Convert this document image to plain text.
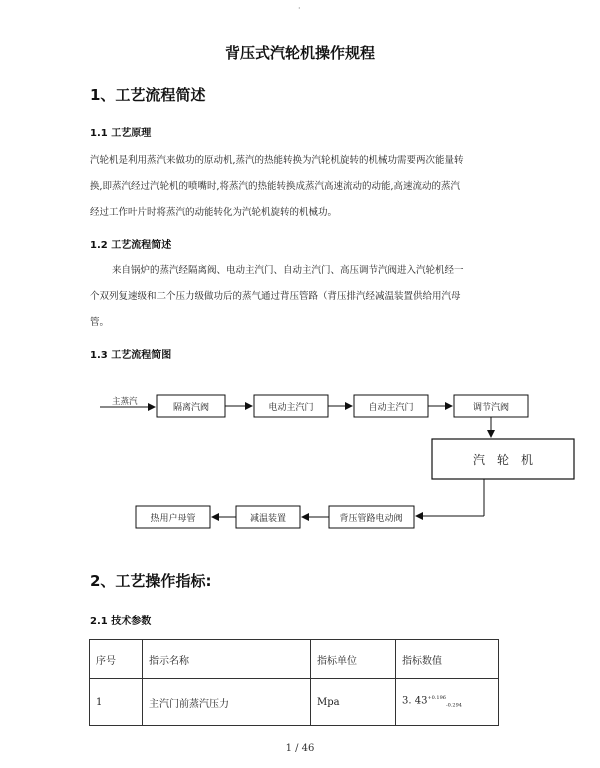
·
背压式汽轮机操作规程
1、工艺流程简述
1.1 工艺原理
汽轮机是利用蒸汽来做功的原动机,蒸汽的热能转换为汽轮机旋转的机械功需要两次能量转
换,即蒸汽经过汽轮机的喷嘴时,将蒸汽的热能转换成蒸汽高速流动的动能,高速流动的蒸汽
经过工作叶片时将蒸汽的动能转化为汽轮机旋转的机械功。
1.2 工艺流程简述
来自锅炉的蒸汽经隔离阀、电动主汽门、自动主汽门、高压调节汽阀进入汽轮机经一
个双列复速级和二个压力级做功后的蒸气通过背压管路（背压排汽经减温装置供给用汽母
管。
1.3 工艺流程简图
主蒸汽
隔离汽阀	电动主汽门	自动主汽门	调节汽阀
汽　轮　机
背压管路电动阀
减温装置
热用户母管
2、工艺操作指标:
2.1 技术参数
序号	指示名称	指标单位	指标数值
1	主汽门前蒸汽压力	Mpa	3. $43^{+0.196}_{-0.294}$
1 / 46
